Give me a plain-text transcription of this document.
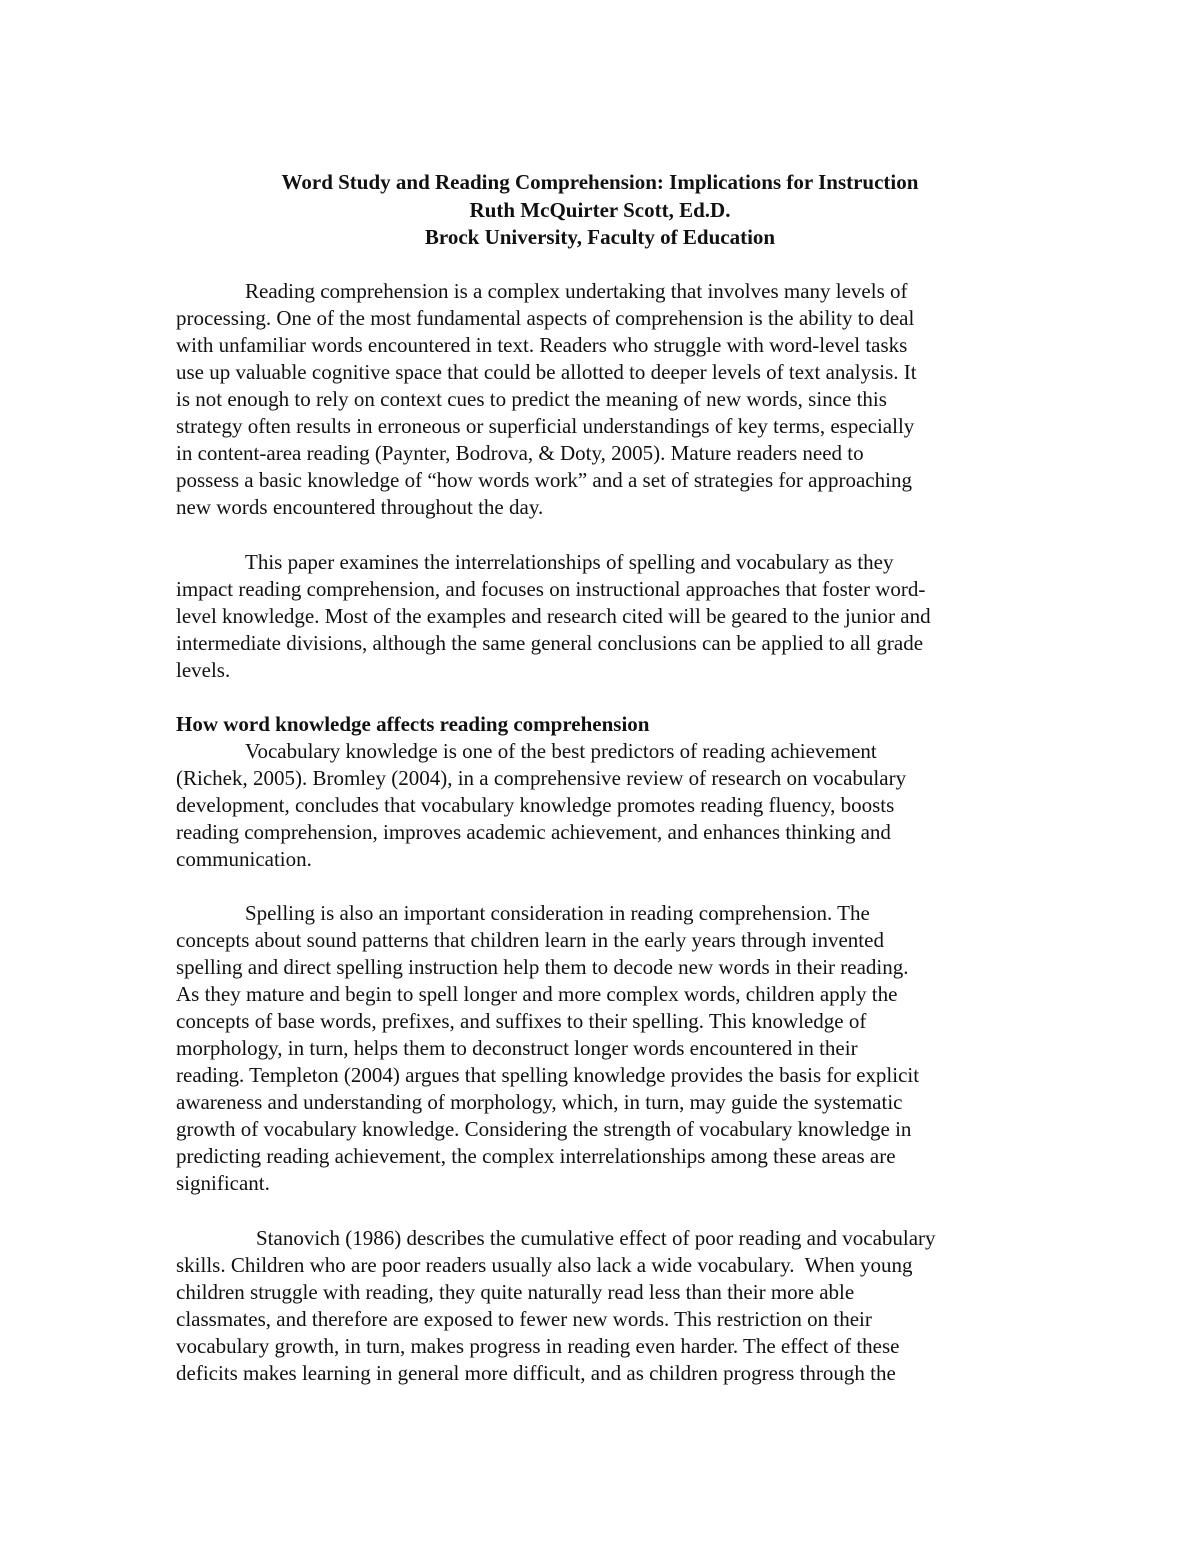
Word Study and Reading Comprehension: Implications for Instruction
Ruth McQuirter Scott, Ed.D.
Brock University, Faculty of Education
Reading comprehension is a complex undertaking that involves many levels of
processing. One of the most fundamental aspects of comprehension is the ability to deal
with unfamiliar words encountered in text. Readers who struggle with word-level tasks
use up valuable cognitive space that could be allotted to deeper levels of text analysis. It
is not enough to rely on context cues to predict the meaning of new words, since this
strategy often results in erroneous or superficial understandings of key terms, especially
in content-area reading (Paynter, Bodrova, & Doty, 2005). Mature readers need to
possess a basic knowledge of “how words work” and a set of strategies for approaching
new words encountered throughout the day.
This paper examines the interrelationships of spelling and vocabulary as they
impact reading comprehension, and focuses on instructional approaches that foster word-
level knowledge. Most of the examples and research cited will be geared to the junior and
intermediate divisions, although the same general conclusions can be applied to all grade
levels.
How word knowledge affects reading comprehension
Vocabulary knowledge is one of the best predictors of reading achievement
(Richek, 2005). Bromley (2004), in a comprehensive review of research on vocabulary
development, concludes that vocabulary knowledge promotes reading fluency, boosts
reading comprehension, improves academic achievement, and enhances thinking and
communication.
Spelling is also an important consideration in reading comprehension. The
concepts about sound patterns that children learn in the early years through invented
spelling and direct spelling instruction help them to decode new words in their reading.
As they mature and begin to spell longer and more complex words, children apply the
concepts of base words, prefixes, and suffixes to their spelling. This knowledge of
morphology, in turn, helps them to deconstruct longer words encountered in their
reading. Templeton (2004) argues that spelling knowledge provides the basis for explicit
awareness and understanding of morphology, which, in turn, may guide the systematic
growth of vocabulary knowledge. Considering the strength of vocabulary knowledge in
predicting reading achievement, the complex interrelationships among these areas are
significant.
Stanovich (1986) describes the cumulative effect of poor reading and vocabulary
skills. Children who are poor readers usually also lack a wide vocabulary.  When young
children struggle with reading, they quite naturally read less than their more able
classmates, and therefore are exposed to fewer new words. This restriction on their
vocabulary growth, in turn, makes progress in reading even harder. The effect of these
deficits makes learning in general more difficult, and as children progress through the
